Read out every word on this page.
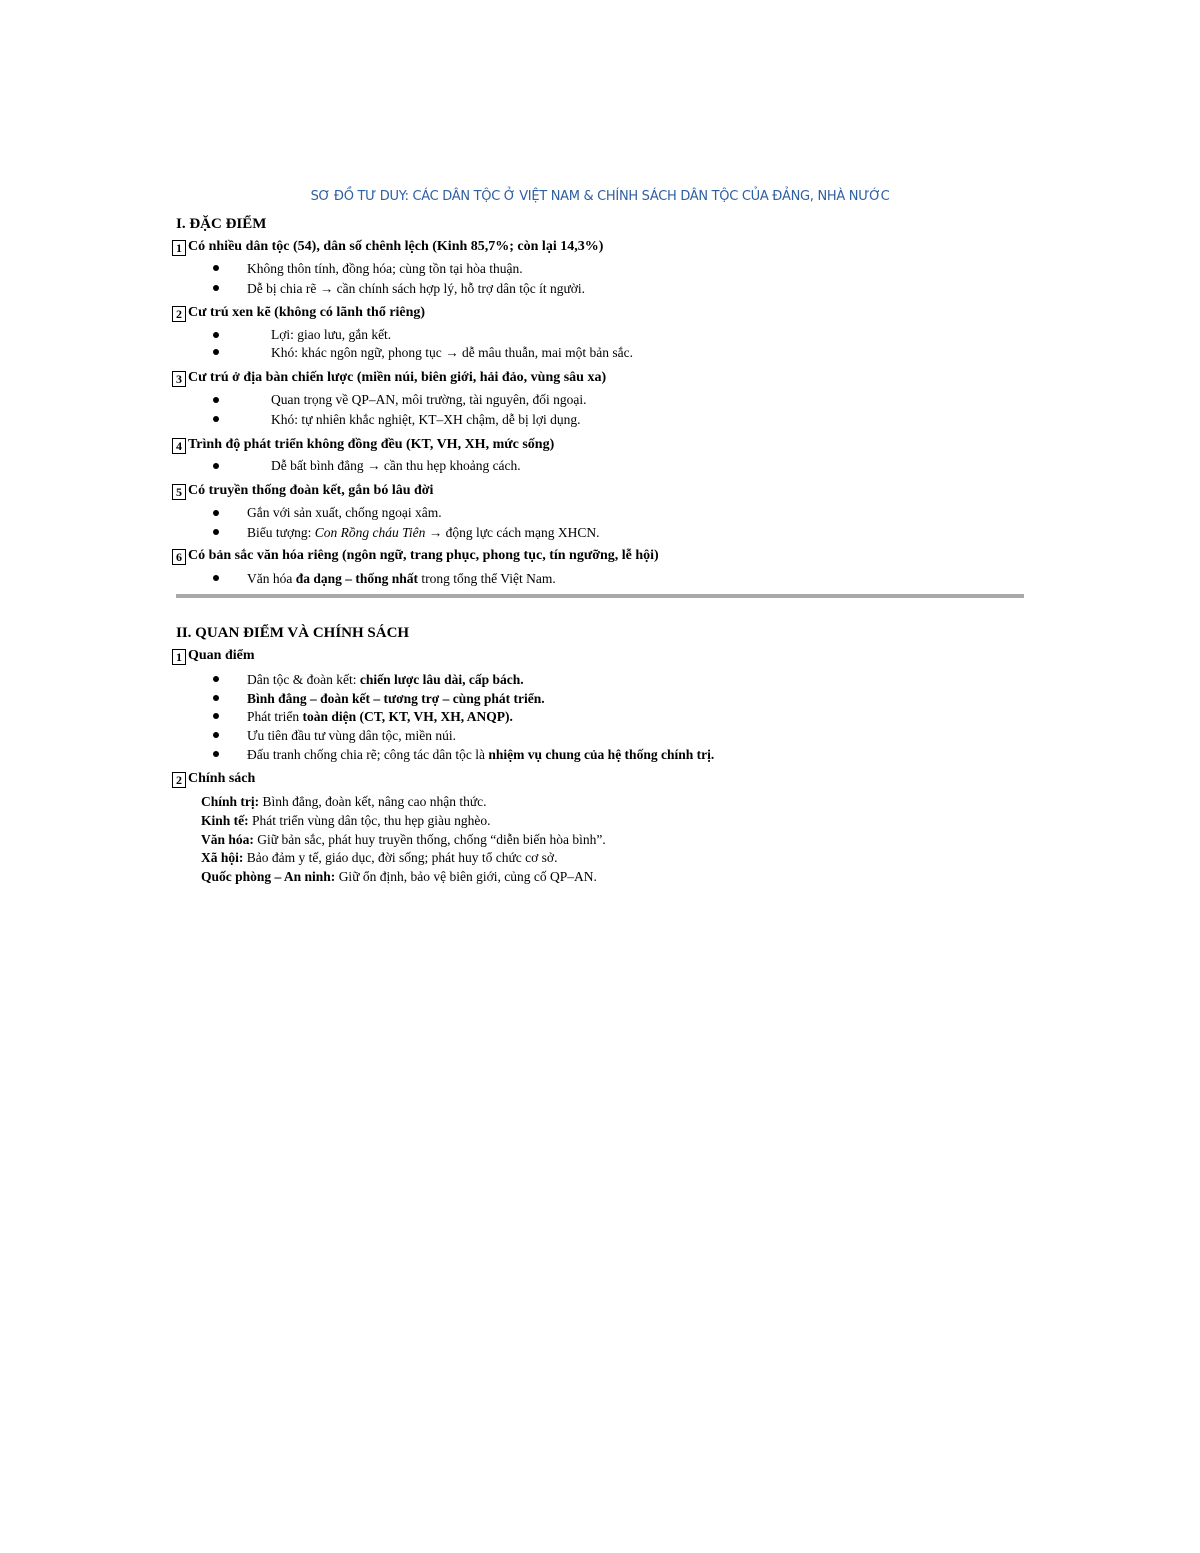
SƠ ĐỒ TƯ DUY: CÁC DÂN TỘC Ở VIỆT NAM & CHÍNH SÁCH DÂN TỘC CỦA ĐẢNG, NHÀ NƯỚC
I. ĐẶC ĐIỂM
1 Có nhiều dân tộc (54), dân số chênh lệch (Kinh 85,7%; còn lại 14,3%)
Không thôn tính, đồng hóa; cùng tồn tại hòa thuận.
Dễ bị chia rẽ → cần chính sách hợp lý, hỗ trợ dân tộc ít người.
2 Cư trú xen kẽ (không có lãnh thổ riêng)
Lợi: giao lưu, gắn kết.
Khó: khác ngôn ngữ, phong tục → dễ mâu thuẫn, mai một bản sắc.
3 Cư trú ở địa bàn chiến lược (miền núi, biên giới, hải đảo, vùng sâu xa)
Quan trọng về QP–AN, môi trường, tài nguyên, đối ngoại.
Khó: tự nhiên khắc nghiệt, KT–XH chậm, dễ bị lợi dụng.
4 Trình độ phát triển không đồng đều (KT, VH, XH, mức sống)
Dễ bất bình đẳng → cần thu hẹp khoảng cách.
5 Có truyền thống đoàn kết, gắn bó lâu đời
Gắn với sản xuất, chống ngoại xâm.
Biểu tượng: Con Rồng cháu Tiên → động lực cách mạng XHCN.
6 Có bản sắc văn hóa riêng (ngôn ngữ, trang phục, phong tục, tín ngưỡng, lễ hội)
Văn hóa đa dạng – thống nhất trong tổng thể Việt Nam.
II. QUAN ĐIỂM VÀ CHÍNH SÁCH
1 Quan điểm
Dân tộc & đoàn kết: chiến lược lâu dài, cấp bách.
Bình đẳng – đoàn kết – tương trợ – cùng phát triển.
Phát triển toàn diện (CT, KT, VH, XH, ANQP).
Ưu tiên đầu tư vùng dân tộc, miền núi.
Đấu tranh chống chia rẽ; công tác dân tộc là nhiệm vụ chung của hệ thống chính trị.
2 Chính sách
Chính trị: Bình đẳng, đoàn kết, nâng cao nhận thức.
Kinh tế: Phát triển vùng dân tộc, thu hẹp giàu nghèo.
Văn hóa: Giữ bản sắc, phát huy truyền thống, chống “diễn biến hòa bình”.
Xã hội: Bảo đảm y tế, giáo dục, đời sống; phát huy tổ chức cơ sở.
Quốc phòng – An ninh: Giữ ổn định, bảo vệ biên giới, củng cố QP–AN.
